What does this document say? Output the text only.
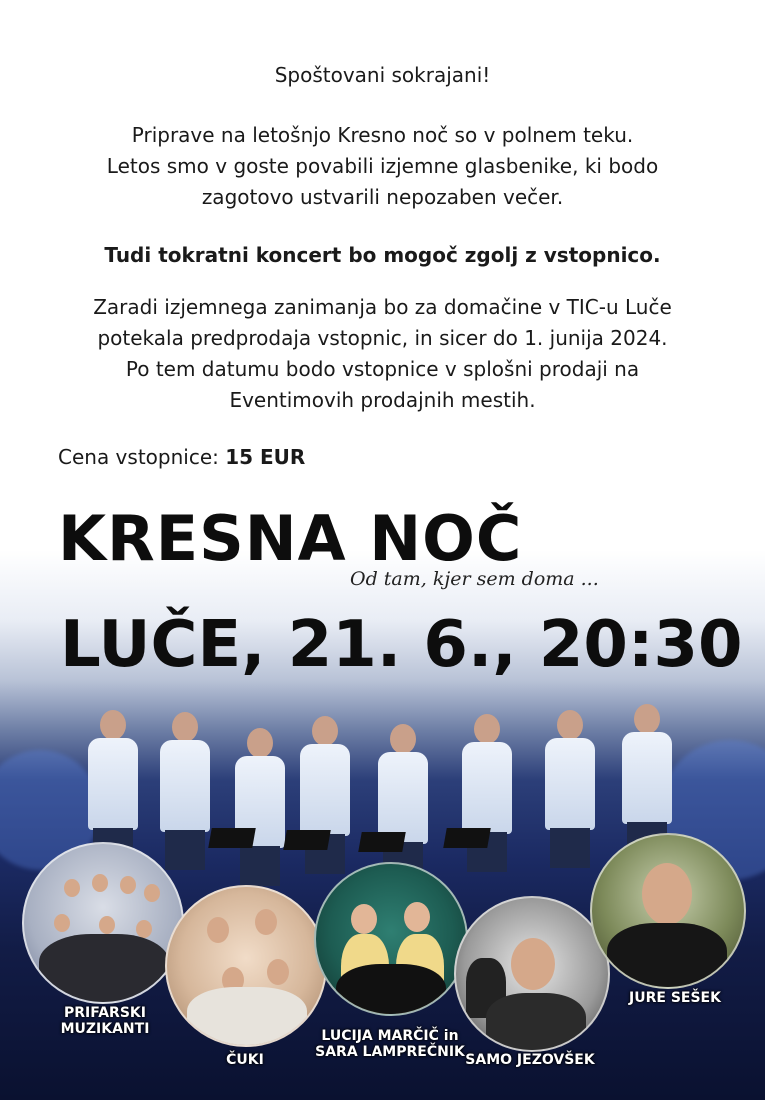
Spoštovani sokrajani!

Priprave na letošnjo Kresno noč so v polnem teku.
Letos smo v goste povabili izjemne glasbenike, ki bodo
zagotovo ustvarili nepozaben večer.

Tudi tokratni koncert bo mogoč zgolj z vstopnico.

Zaradi izjemnega zanimanja bo za domačine v TIC-u Luče
potekala predprodaja vstopnic, in sicer do 1. junija 2024.
Po tem datumu bodo vstopnice v splošni prodaji na
Eventimovih prodajnih mestih.
Cena vstopnice: 15 EUR
KRESNA NOČ
Od tam, kjer sem doma ...
LUČE, 21. 6., 20:30
PRIFARSKI
MUZIKANTI
ČUKI
LUCIJA MARČIČ in
SARA LAMPREČNIK SAMO JEZOVŠEK
JURE SEŠEK
